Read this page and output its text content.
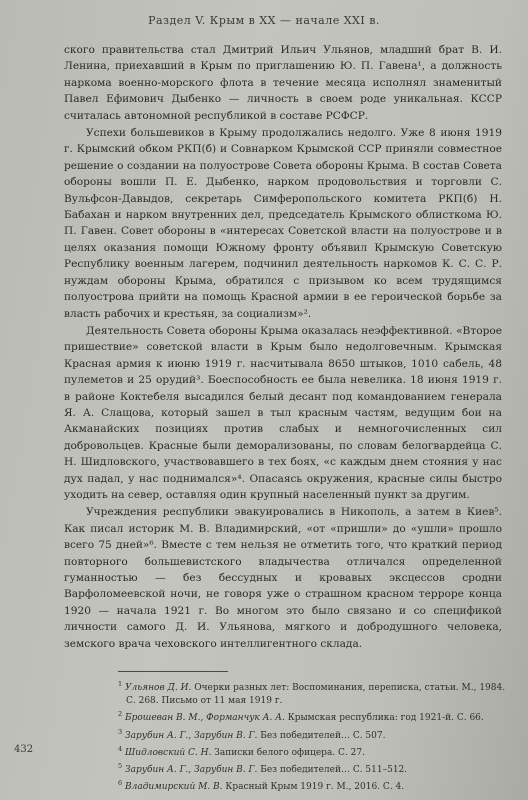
Раздел V. Крым в XX — начале XXI в.

ского правительства стал Дмитрий Ильич Ульянов, младший брат В. И. Ленина, приехавший в Крым по приглашению Ю. П. Гавена¹, а должность наркома военно-морского флота в течение месяца исполнял знаменитый Павел Ефимович Дыбенко — личность в своем роде уникальная. КССР считалась автономной республикой в составе РСФСР.

Успехи большевиков в Крыму продолжались недолго. Уже 8 июня 1919 г. Крымский обком РКП(б) и Совнарком Крымской ССР приняли совместное решение о создании на полуострове Совета обороны Крыма. В состав Совета обороны вошли П. Е. Дыбенко, нарком продовольствия и торговли С. Вульфсон-Давыдов, секретарь Симферопольского комитета РКП(б) Н. Бабахан и нарком внутренних дел, председатель Крымского облисткома Ю. П. Гавен. Совет обороны в «интересах Советской власти на полуострове и в целях оказания помощи Южному фронту объявил Крымскую Советскую Республику военным лагерем, подчинил деятельность наркомов К. С. С. Р. нуждам обороны Крыма, обратился с призывом ко всем трудящимся полуострова прийти на помощь Красной армии в ее героической борьбе за власть рабочих и крестьян, за социализм»².

Деятельность Совета обороны Крыма оказалась неэффективной. «Второе пришествие» советской власти в Крым было недолговечным. Крымская Красная армия к июню 1919 г. насчитывала 8650 штыков, 1010 сабель, 48 пулеметов и 25 орудий³. Боеспособность ее была невелика. 18 июня 1919 г. в районе Коктебеля высадился белый десант под командованием генерала Я. А. Слащова, который зашел в тыл красным частям, ведущим бои на Акманайских позициях против слабых и немногочисленных сил добровольцев. Красные были деморализованы, по словам белогвардейца С. Н. Шидловского, участвовавшего в тех боях, «с каждым днем стояния у нас дух падал, у нас поднимался»⁴. Опасаясь окружения, красные силы быстро уходить на север, оставляя один крупный населенный пункт за другим.

Учреждения республики эвакуировались в Никополь, а затем в Киев⁵. Как писал историк М. В. Владимирский, «от «пришли» до «ушли» прошло всего 75 дней»⁶. Вместе с тем нельзя не отметить того, что краткий период повторного большевистского владычества отличался определенной гуманностью — без бессудных и кровавых эксцессов сродни Варфоломеевской ночи, не говоря уже о страшном красном терроре конца 1920 — начала 1921 г. Во многом это было связано и со спецификой личности самого Д. И. Ульянова, мягкого и добродушного человека, земского врача чеховского интеллигентного склада.

$^1$ Ульянов Д. И. Очерки разных лет: Воспоминания, переписка, статьи. М., 1984.
С. 268. Письмо от 11 мая 1919 г.
$^2$ Брошеван В. М., Форманчук А. А. Крымская республика: год 1921-й. С. 66.
$^3$ Зарубин А. Г., Зарубин В. Г. Без победителей… С. 507.
$^4$ Шидловский С. Н. Записки белого офицера. С. 27.
$^5$ Зарубин А. Г., Зарубин В. Г. Без победителей… С. 511–512.
$^6$ Владимирский М. В. Красный Крым 1919 г. М., 2016. С. 4.
432
